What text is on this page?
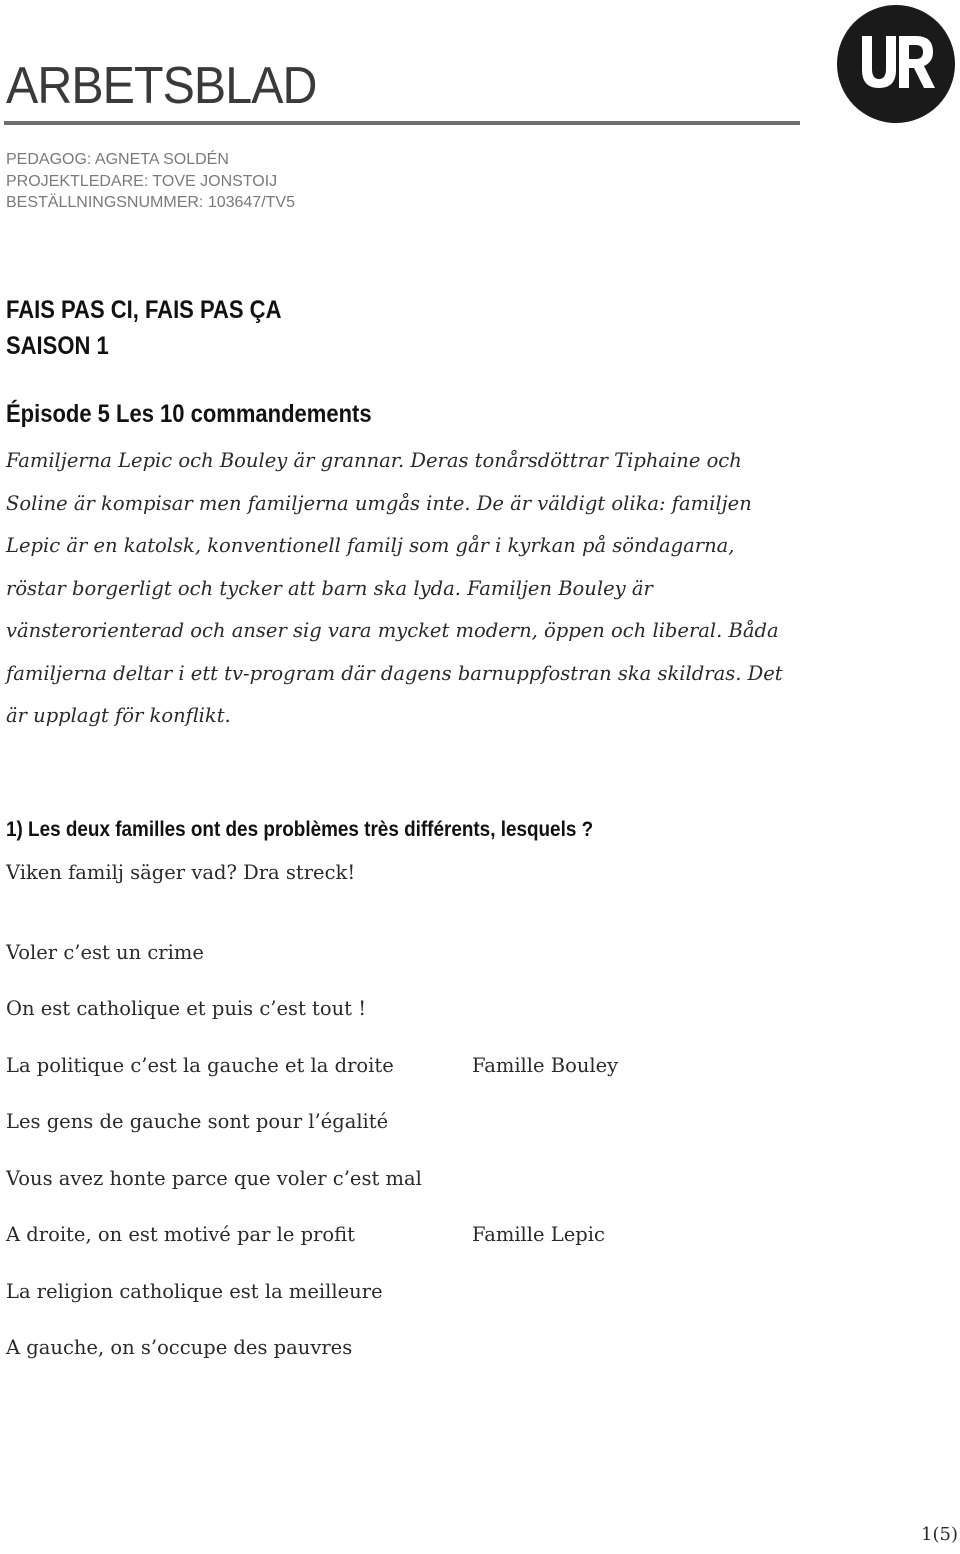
ARBETSBLAD
PEDAGOG: AGNETA SOLDÉN
PROJEKTLEDARE: TOVE JONSTOIJ
BESTÄLLNINGSNUMMER: 103647/TV5
FAIS PAS CI, FAIS PAS ÇA
SAISON 1
Épisode 5 Les 10 commandements
Familjerna Lepic och Bouley är grannar. Deras tonårsdöttrar Tiphaine och Soline är kompisar men familjerna umgås inte. De är väldigt olika: familjen Lepic är en katolsk, konventionell familj som går i kyrkan på söndagarna, röstar borgerligt och tycker att barn ska lyda. Familjen Bouley är vänsterorienterad och anser sig vara mycket modern, öppen och liberal. Båda familjerna deltar i ett tv-program där dagens barnuppfostran ska skildras. Det är upplagt för konflikt.
1) Les deux familles ont des problèmes très différents, lesquels ?
Viken familj säger vad? Dra streck!
Voler c’est un crime
On est catholique et puis c’est tout !
La politique c’est la gauche et la droite
Les gens de gauche sont pour l’égalité
Vous avez honte parce que voler c’est mal
A droite, on est motivé par le profit
La religion catholique est la meilleure
A gauche, on s’occupe des pauvres
Famille Bouley
Famille Lepic
1(5)
